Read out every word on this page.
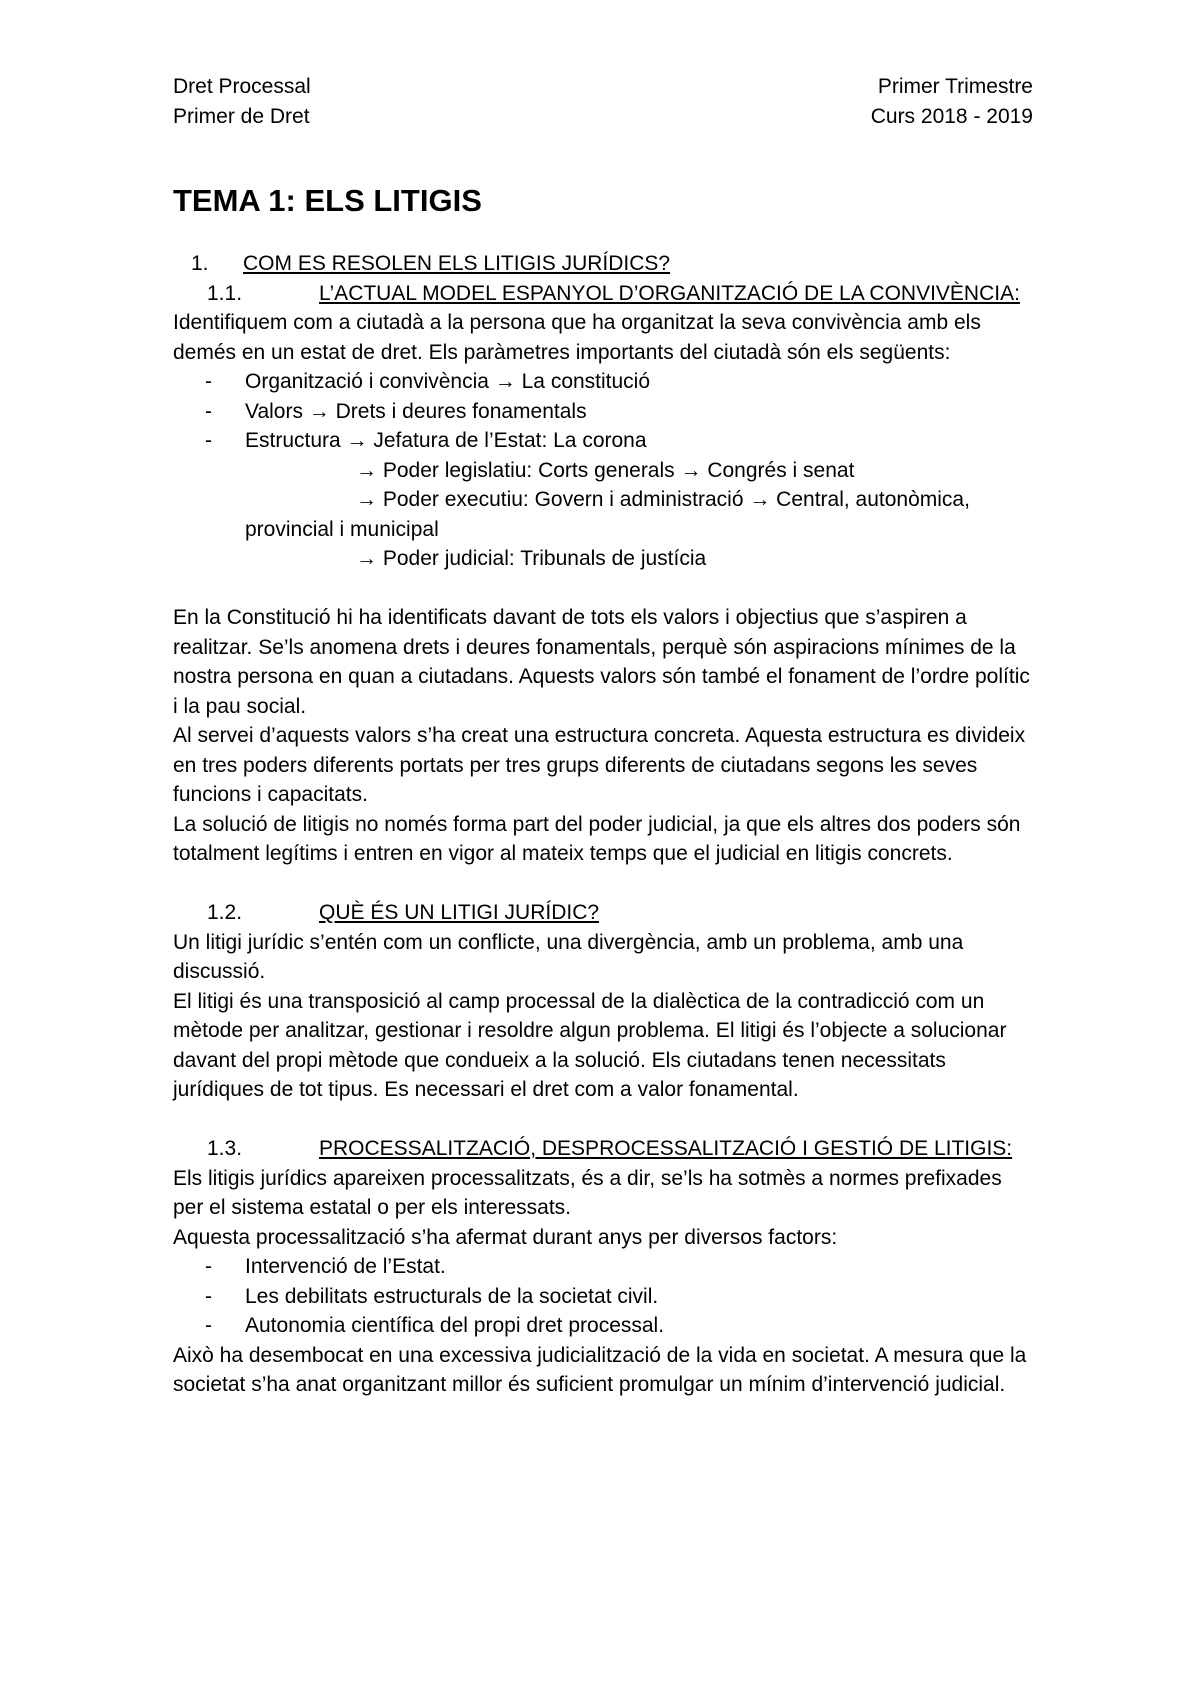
Dret Processal
Primer de Dret
Primer Trimestre
Curs 2018 - 2019
TEMA 1: ELS LITIGIS
1.	COM ES RESOLEN ELS LITIGIS JURÍDICS?
1.1.	L’ACTUAL MODEL ESPANYOL D’ORGANITZACIÓ DE LA CONVIVÈNCIA:

Identifiquem com a ciutadà a la persona que ha organitzat la seva convivència amb els demés en un estat de dret. Els paràmetres importants del ciutadà són els següents:

-	Organització i convivència → La constitució
-	Valors → Drets i deures fonamentals
-	Estructura → Jefatura de l’Estat: La corona
→ Poder legislatiu: Corts generals → Congrés i senat
→ Poder executiu: Govern i administració → Central, autonòmica,
provincial i municipal
→ Poder judicial: Tribunals de justícia

En la Constitució hi ha identificats davant de tots els valors i objectius que s’aspiren a realitzar. Se’ls anomena drets i deures fonamentals, perquè són aspiracions mínimes de la nostra persona en quan a ciutadans. Aquests valors són també el fonament de l’ordre polític i la pau social.

Al servei d’aquests valors s’ha creat una estructura concreta. Aquesta estructura es divideix en tres poders diferents portats per tres grups diferents de ciutadans segons les seves funcions i capacitats.

La solució de litigis no només forma part del poder judicial, ja que els altres dos poders són totalment legítims i entren en vigor al mateix temps que el judicial en litigis concrets.

1.2.	QUÈ ÉS UN LITIGI JURÍDIC?

Un litigi jurídic s’entén com un conflicte, una divergència, amb un problema, amb una discussió.

El litigi és una transposició al camp processal de la dialèctica de la contradicció com un mètode per analitzar, gestionar i resoldre algun problema. El litigi és l’objecte a solucionar davant del propi mètode que condueix a la solució. Els ciutadans tenen necessitats jurídiques de tot tipus. Es necessari el dret com a valor fonamental.

1.3.	PROCESSALITZACIÓ, DESPROCESSALITZACIÓ I GESTIÓ DE LITIGIS:

Els litigis jurídics apareixen processalitzats, és a dir, se’ls ha sotmès a normes prefixades per el sistema estatal o per els interessats.

Aquesta processalització s’ha afermat durant anys per diversos factors:

-	Intervenció de l’Estat.
-	Les debilitats estructurals de la societat civil.
-	Autonomia científica del propi dret processal.

Això ha desembocat en una excessiva judicialització de la vida en societat. A mesura que la societat s’ha anat organitzant millor és suficient promulgar un mínim d’intervenció judicial.
